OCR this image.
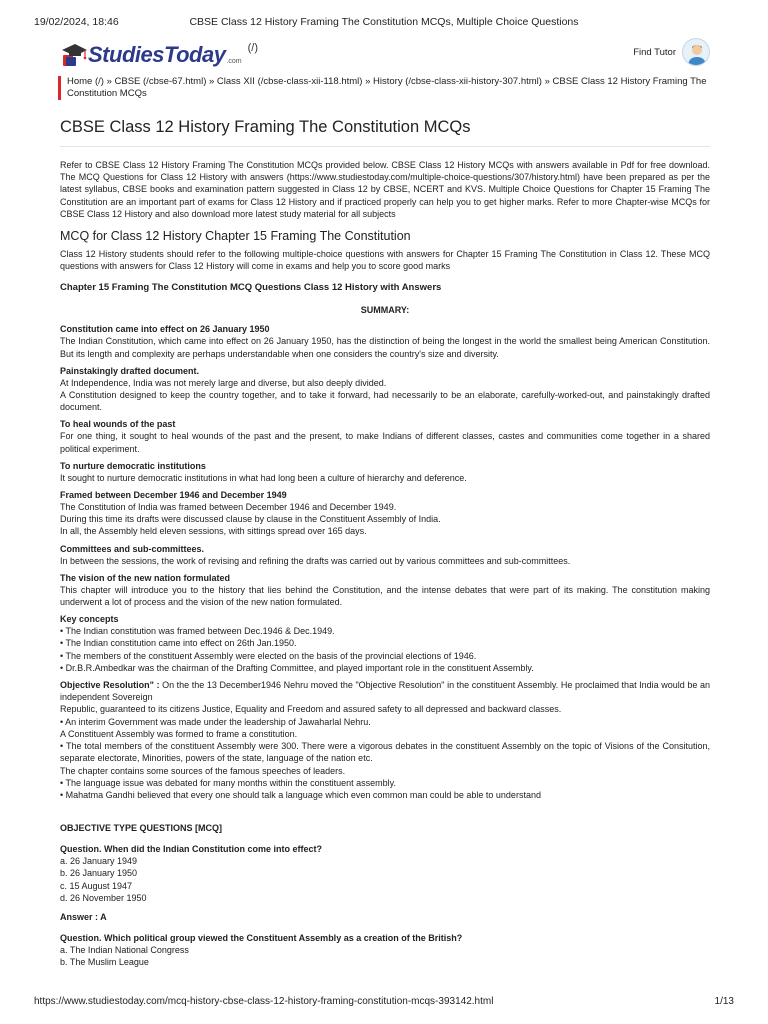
19/02/2024, 18:46	CBSE Class 12 History Framing The Constitution MCQs, Multiple Choice Questions
StudiesToday .com
(/)	Find Tutor
Home (/) » CBSE (/cbse-67.html) » Class XII (/cbse-class-xii-118.html) » History (/cbse-class-xii-history-307.html) » CBSE Class 12 History Framing The Constitution MCQs
CBSE Class 12 History Framing The Constitution MCQs

Refer to CBSE Class 12 History Framing The Constitution MCQs provided below. CBSE Class 12 History MCQs with answers available in Pdf for free download. The MCQ Questions for Class 12 History with answers (https://www.studiestoday.com/multiple-choice-questions/307/history.html) have been prepared as per the latest syllabus, CBSE books and examination pattern suggested in Class 12 by CBSE, NCERT and KVS. Multiple Choice Questions for Chapter 15 Framing The Constitution are an important part of exams for Class 12 History and if practiced properly can help you to get higher marks. Refer to more Chapter-wise MCQs for CBSE Class 12 History and also download more latest study material for all subjects

MCQ for Class 12 History Chapter 15 Framing The Constitution

Class 12 History students should refer to the following multiple-choice questions with answers for Chapter 15 Framing The Constitution in Class 12. These MCQ questions with answers for Class 12 History will come in exams and help you to score good marks

Chapter 15 Framing The Constitution MCQ Questions Class 12 History with Answers
SUMMARY:
Constitution came into effect on 26 January 1950
The Indian Constitution, which came into effect on 26 January 1950, has the distinction of being the longest in the world the smallest being American Constitution. But its length and complexity are perhaps understandable when one considers the country's size and diversity.
Painstakingly drafted document.
At Independence, India was not merely large and diverse, but also deeply divided.
A Constitution designed to keep the country together, and to take it forward, had necessarily to be an elaborate, carefully-worked-out, and painstakingly drafted document.
To heal wounds of the past
For one thing, it sought to heal wounds of the past and the present, to make Indians of different classes, castes and communities come together in a shared political experiment.
To nurture democratic institutions
It sought to nurture democratic institutions in what had long been a culture of hierarchy and deference.
Framed between December 1946 and December 1949
The Constitution of India was framed between December 1946 and December 1949.
During this time its drafts were discussed clause by clause in the Constituent Assembly of India.
In all, the Assembly held eleven sessions, with sittings spread over 165 days.
Committees and sub-committees.
In between the sessions, the work of revising and refining the drafts was carried out by various committees and sub-committees.
The vision of the new nation formulated
This chapter will introduce you to the history that lies behind the Constitution, and the intense debates that were part of its making. The constitution making underwent a lot of process and the vision of the new nation formulated.
Key concepts
• The Indian constitution was framed between Dec.1946 & Dec.1949.
• The Indian constitution came into effect on 26th Jan.1950.
• The members of the constituent Assembly were elected on the basis of the provincial elections of 1946.
• Dr.B.R.Ambedkar was the chairman of the Drafting Committee, and played important role in the constituent Assembly.
Objective Resolution" : On the the 13 December1946 Nehru moved the "Objective Resolution" in the constituent Assembly. He proclaimed that India would be an independent Sovereign
Republic, guaranteed to its citizens Justice, Equality and Freedom and assured safety to all depressed and backward classes.
• An interim Government was made under the leadership of Jawaharlal Nehru.
A Constituent Assembly was formed to frame a constitution.
• The total members of the constituent Assembly were 300. There were a vigorous debates in the constituent Assembly on the topic of Visions of the Consitution, separate electorate, Minorities, powers of the state, language of the nation etc.
The chapter contains some sources of the famous speeches of leaders.
• The language issue was debated for many months within the constituent assembly.
• Mahatma Gandhi believed that every one should talk a language which even common man could be able to understand
OBJECTIVE TYPE QUESTIONS [MCQ]
Question. When did the Indian Constitution come into effect?
a. 26 January 1949
b. 26 January 1950
c. 15 August 1947
d. 26 November 1950
Answer : A
Question. Which political group viewed the Constituent Assembly as a creation of the British?
a. The Indian National Congress
b. The Muslim League
https://www.studiestoday.com/mcq-history-cbse-class-12-history-framing-constitution-mcqs-393142.html	1/13
